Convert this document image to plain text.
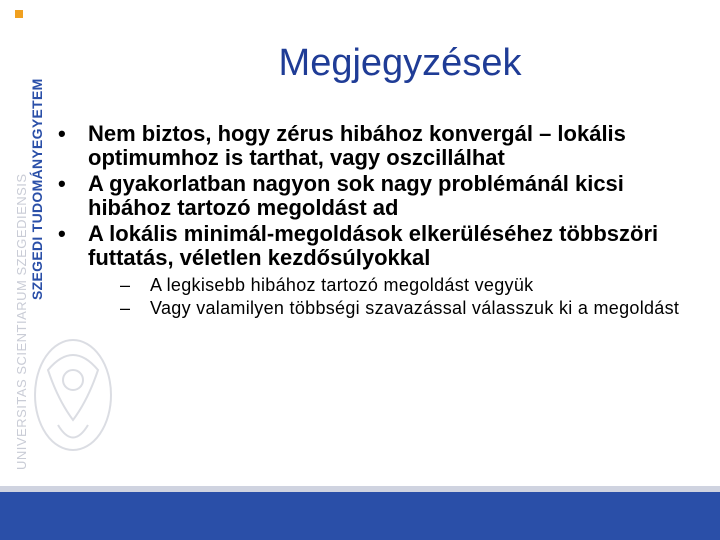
SZEGEDI TUDOMÁNYEGYETEM
UNIVERSITAS SCIENTIARUM SZEGEDIENSIS
Megjegyzések
• Nem biztos, hogy zérus hibához konvergál – lokális optimumhoz is tarthat, vagy oszcillálhat
• A gyakorlatban nagyon sok nagy problémánál kicsi hibához tartozó megoldást ad
• A lokális minimál-megoldások elkerüléséhez többszöri futtatás, véletlen kezdősúlyokkal
– A legkisebb hibához tartozó megoldást vegyük
– Vagy valamilyen többségi szavazással válasszuk ki a megoldást
